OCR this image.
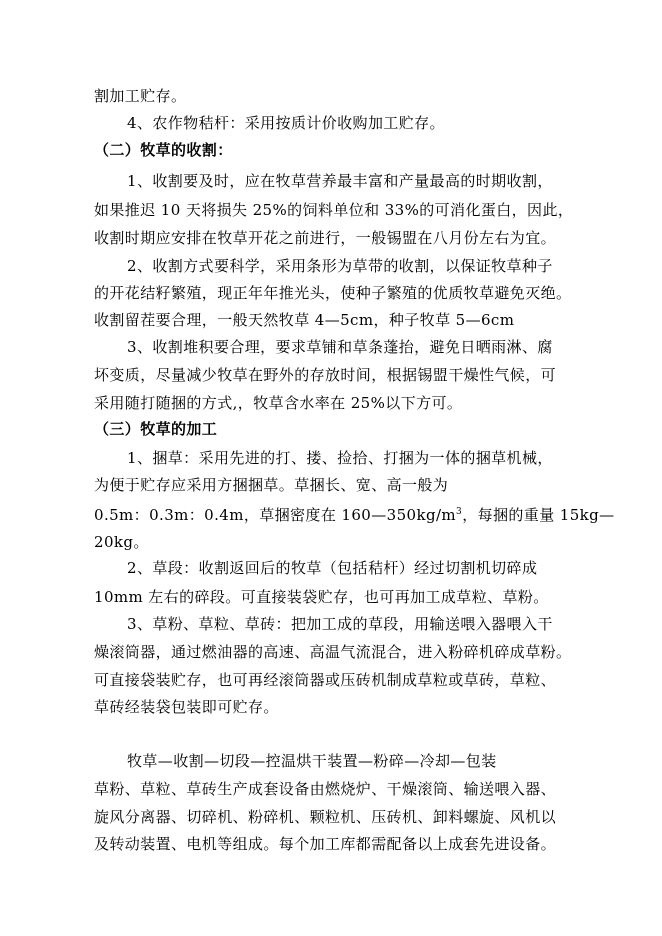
割加工贮存。
4、农作物秸杆：采用按质计价收购加工贮存。
（二）牧草的收割：
1、收割要及时，应在牧草营养最丰富和产量最高的时期收割，
如果推迟 10 天将损失 25%的饲料单位和 33%的可消化蛋白，因此，
收割时期应安排在牧草开花之前进行，一般锡盟在八月份左右为宜。
2、收割方式要科学，采用条形为草带的收割，以保证牧草种子
的开花结籽繁殖，现正年年推光头，使种子繁殖的优质牧草避免灭绝。
收割留茬要合理，一般天然牧草 4—5cm，种子牧草 5—6cm
3、收割堆积要合理，要求草铺和草条蓬抬，避免日晒雨淋、腐
坏变质，尽量减少牧草在野外的存放时间，根据锡盟干燥性气候，可
采用随打随捆的方式,，牧草含水率在 25%以下方可。
（三）牧草的加工
1、捆草：采用先进的打、搂、捡拾、打捆为一体的捆草机械，
为便于贮存应采用方捆捆草。草捆长、宽、高一般为
0.5m：0.3m：0.4m，草捆密度在 $160—350kg/m^3$，每捆的重量 15kg—
20kg。
2、草段：收割返回后的牧草（包括秸杆）经过切割机切碎成
10mm 左右的碎段。可直接装袋贮存，也可再加工成草粒、草粉。
3、草粉、草粒、草砖：把加工成的草段，用输送喂入器喂入干
燥滚筒器，通过燃油器的高速、高温气流混合，进入粉碎机碎成草粉。
可直接袋装贮存，也可再经滚筒器或压砖机制成草粒或草砖，草粒、
草砖经装袋包装即可贮存。
牧草—收割—切段—控温烘干装置—粉碎—冷却—包装
草粉、草粒、草砖生产成套设备由燃烧炉、干燥滚筒、输送喂入器、
旋风分离器、切碎机、粉碎机、颗粒机、压砖机、卸料螺旋、风机以
及转动装置、电机等组成。每个加工库都需配备以上成套先进设备。
